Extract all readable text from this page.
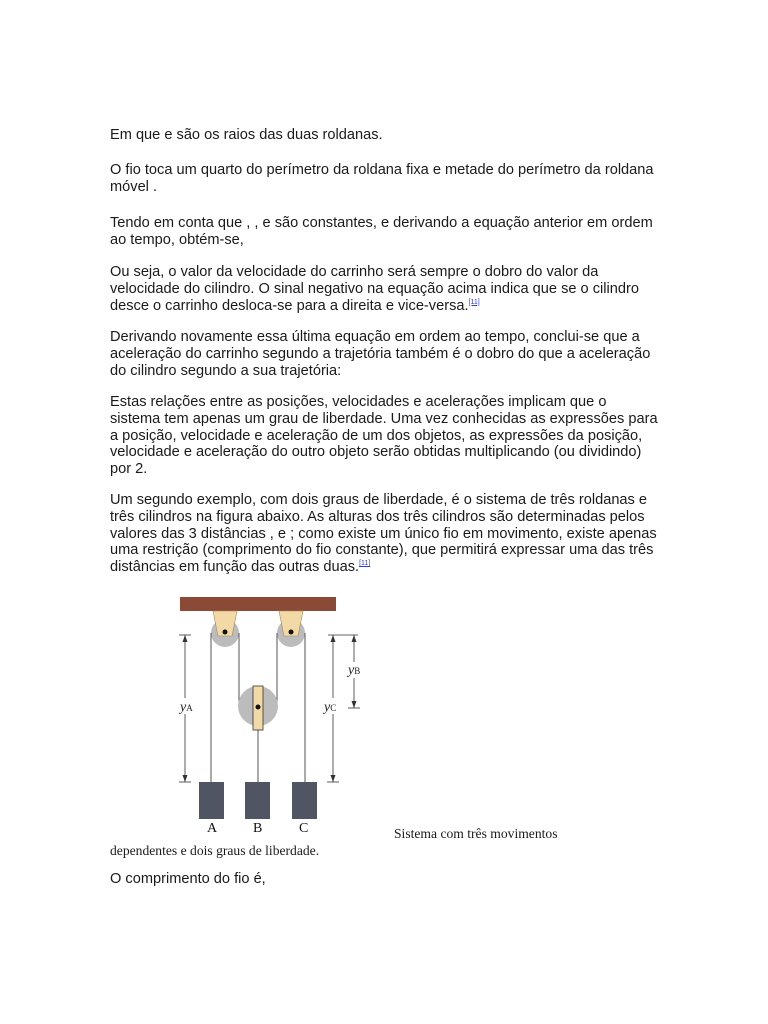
Em que e são os raios das duas roldanas.

O fio toca um quarto do perímetro da roldana fixa e metade do perímetro da roldana móvel .

Tendo em conta que , , e são constantes, e derivando a equação anterior em ordem ao tempo, obtém-se,

Ou seja, o valor da velocidade do carrinho será sempre o dobro do valor da velocidade do cilindro. O sinal negativo na equação acima indica que se o cilindro desce o carrinho desloca-se para a direita e vice-versa.[11]

Derivando novamente essa última equação em ordem ao tempo, conclui-se que a aceleração do carrinho segundo a trajetória também é o dobro do que a aceleração do cilindro segundo a sua trajetória:

Estas relações entre as posições, velocidades e acelerações implicam que o sistema tem apenas um grau de liberdade. Uma vez conhecidas as expressões para a posição, velocidade e aceleração de um dos objetos, as expressões da posição, velocidade e aceleração do outro objeto serão obtidas multiplicando (ou dividindo) por 2.

Um segundo exemplo, com dois graus de liberdade, é o sistema de três roldanas e três cilindros na figura abaixo. As alturas dos três cilindros são determinadas pelos valores das 3 distâncias , e ; como existe um único fio em movimento, existe apenas uma restrição (comprimento do fio constante), que permitirá expressar uma das três distâncias em função das outras duas.[11]

yA
yB
yC
A	B	C	Sistema com três movimentos
dependentes e dois graus de liberdade.

O comprimento do fio é,
